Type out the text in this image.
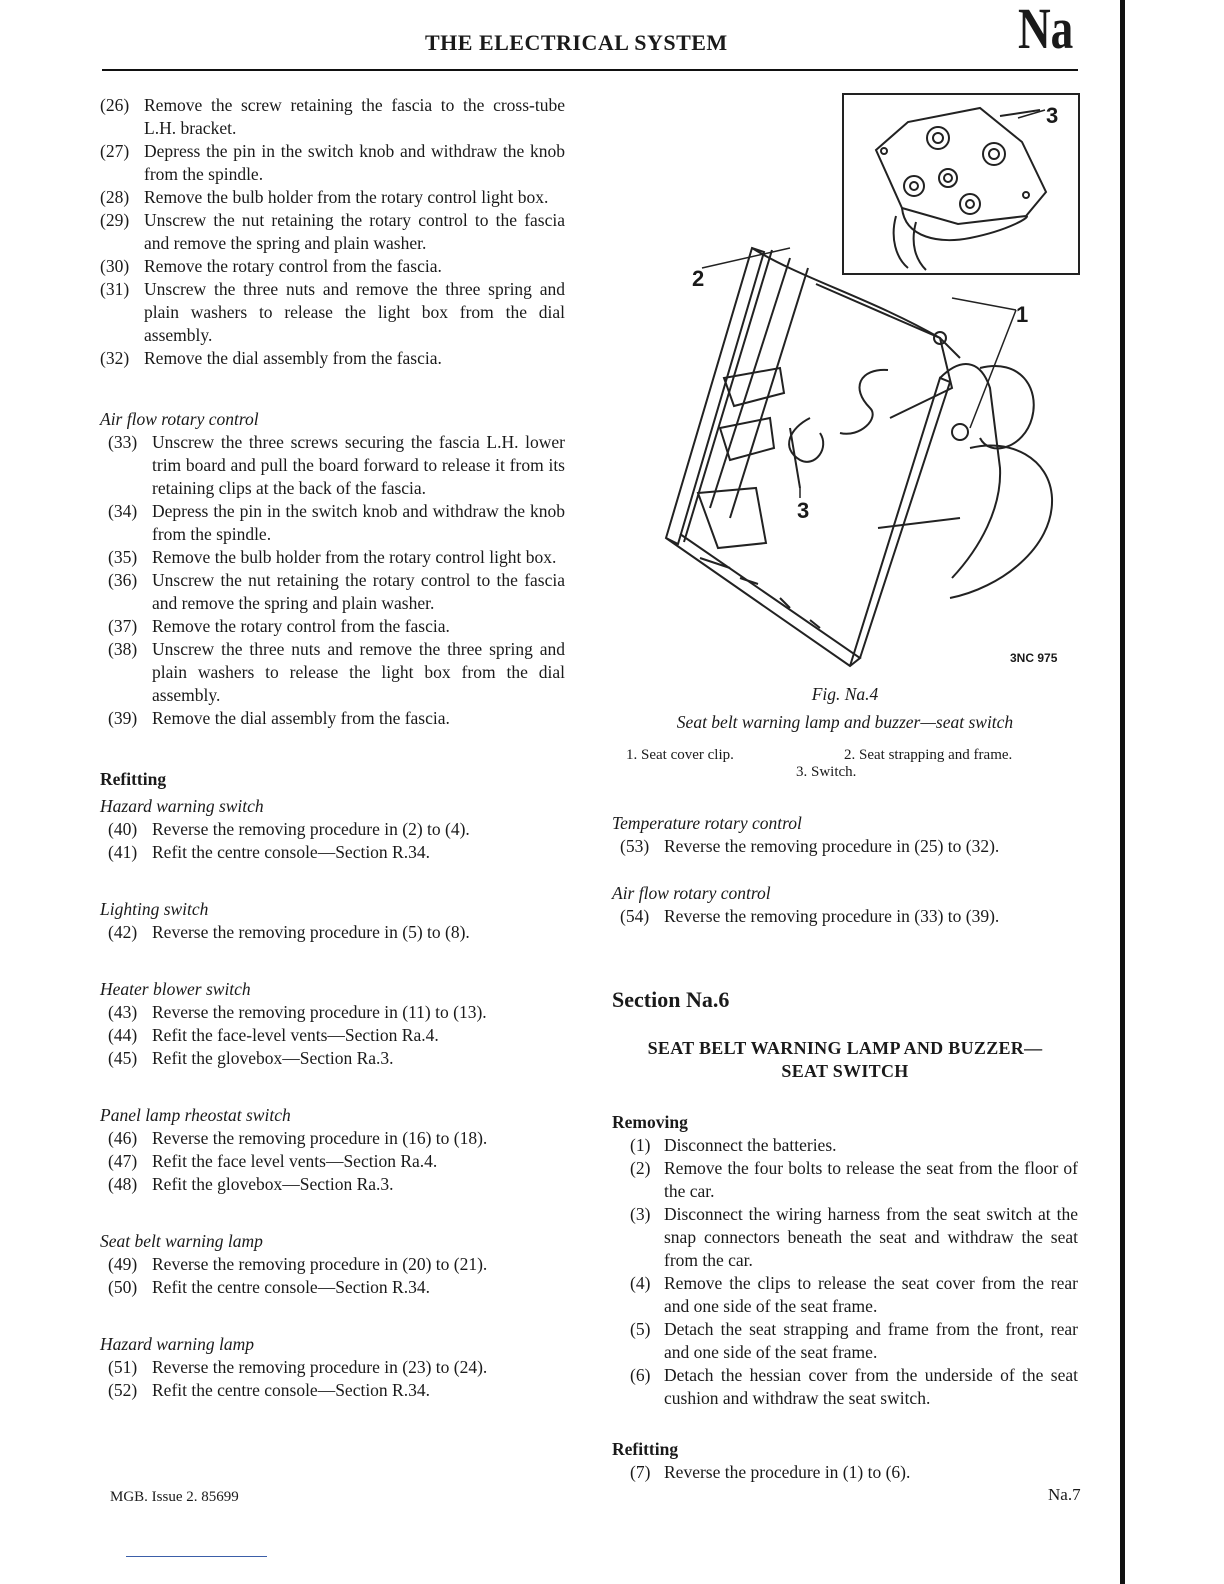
THE ELECTRICAL SYSTEM	Na
(26) Remove the screw retaining the fascia to the cross-tube L.H. bracket.
(27) Depress the pin in the switch knob and withdraw the knob from the spindle.
(28) Remove the bulb holder from the rotary control light box.
(29) Unscrew the nut retaining the rotary control to the fascia and remove the spring and plain washer.
(30) Remove the rotary control from the fascia.
(31) Unscrew the three nuts and remove the three spring and plain washers to release the light box from the dial assembly.
(32) Remove the dial assembly from the fascia.
Air flow rotary control
(33) Unscrew the three screws securing the fascia L.H. lower trim board and pull the board forward to release it from its retaining clips at the back of the fascia.
(34) Depress the pin in the switch knob and withdraw the knob from the spindle.
(35) Remove the bulb holder from the rotary control light box.
(36) Unscrew the nut retaining the rotary control to the fascia and remove the spring and plain washer.
(37) Remove the rotary control from the fascia.
(38) Unscrew the three nuts and remove the three spring and plain washers to release the light box from the dial assembly.
(39) Remove the dial assembly from the fascia.
Refitting
Hazard warning switch
(40) Reverse the removing procedure in (2) to (4).
(41) Refit the centre console—Section R.34.
Lighting switch
(42) Reverse the removing procedure in (5) to (8).
Heater blower switch
(43) Reverse the removing procedure in (11) to (13).
(44) Refit the face-level vents—Section Ra.4.
(45) Refit the glovebox—Section Ra.3.
Panel lamp rheostat switch
(46) Reverse the removing procedure in (16) to (18).
(47) Refit the face level vents—Section Ra.4.
(48) Refit the glovebox—Section Ra.3.
Seat belt warning lamp
(49) Reverse the removing procedure in (20) to (21).
(50) Refit the centre console—Section R.34.
Hazard warning lamp
(51) Reverse the removing procedure in (23) to (24).
(52) Refit the centre console—Section R.34.
3
2
1
3
3NC 975
Fig. Na.4
Seat belt warning lamp and buzzer—seat switch
1. Seat cover clip.	2. Seat strapping and frame.
3. Switch.
Temperature rotary control
(53) Reverse the removing procedure in (25) to (32).
Air flow rotary control
(54) Reverse the removing procedure in (33) to (39).
Section Na.6
SEAT BELT WARNING LAMP AND BUZZER—
SEAT SWITCH
Removing
(1) Disconnect the batteries.
(2) Remove the four bolts to release the seat from the floor of the car.
(3) Disconnect the wiring harness from the seat switch at the snap connectors beneath the seat and withdraw the seat from the car.
(4) Remove the clips to release the seat cover from the rear and one side of the seat frame.
(5) Detach the seat strapping and frame from the front, rear and one side of the seat frame.
(6) Detach the hessian cover from the underside of the seat cushion and withdraw the seat switch.
Refitting
(7) Reverse the procedure in (1) to (6).
MGB. Issue 2. 85699	Na.7
